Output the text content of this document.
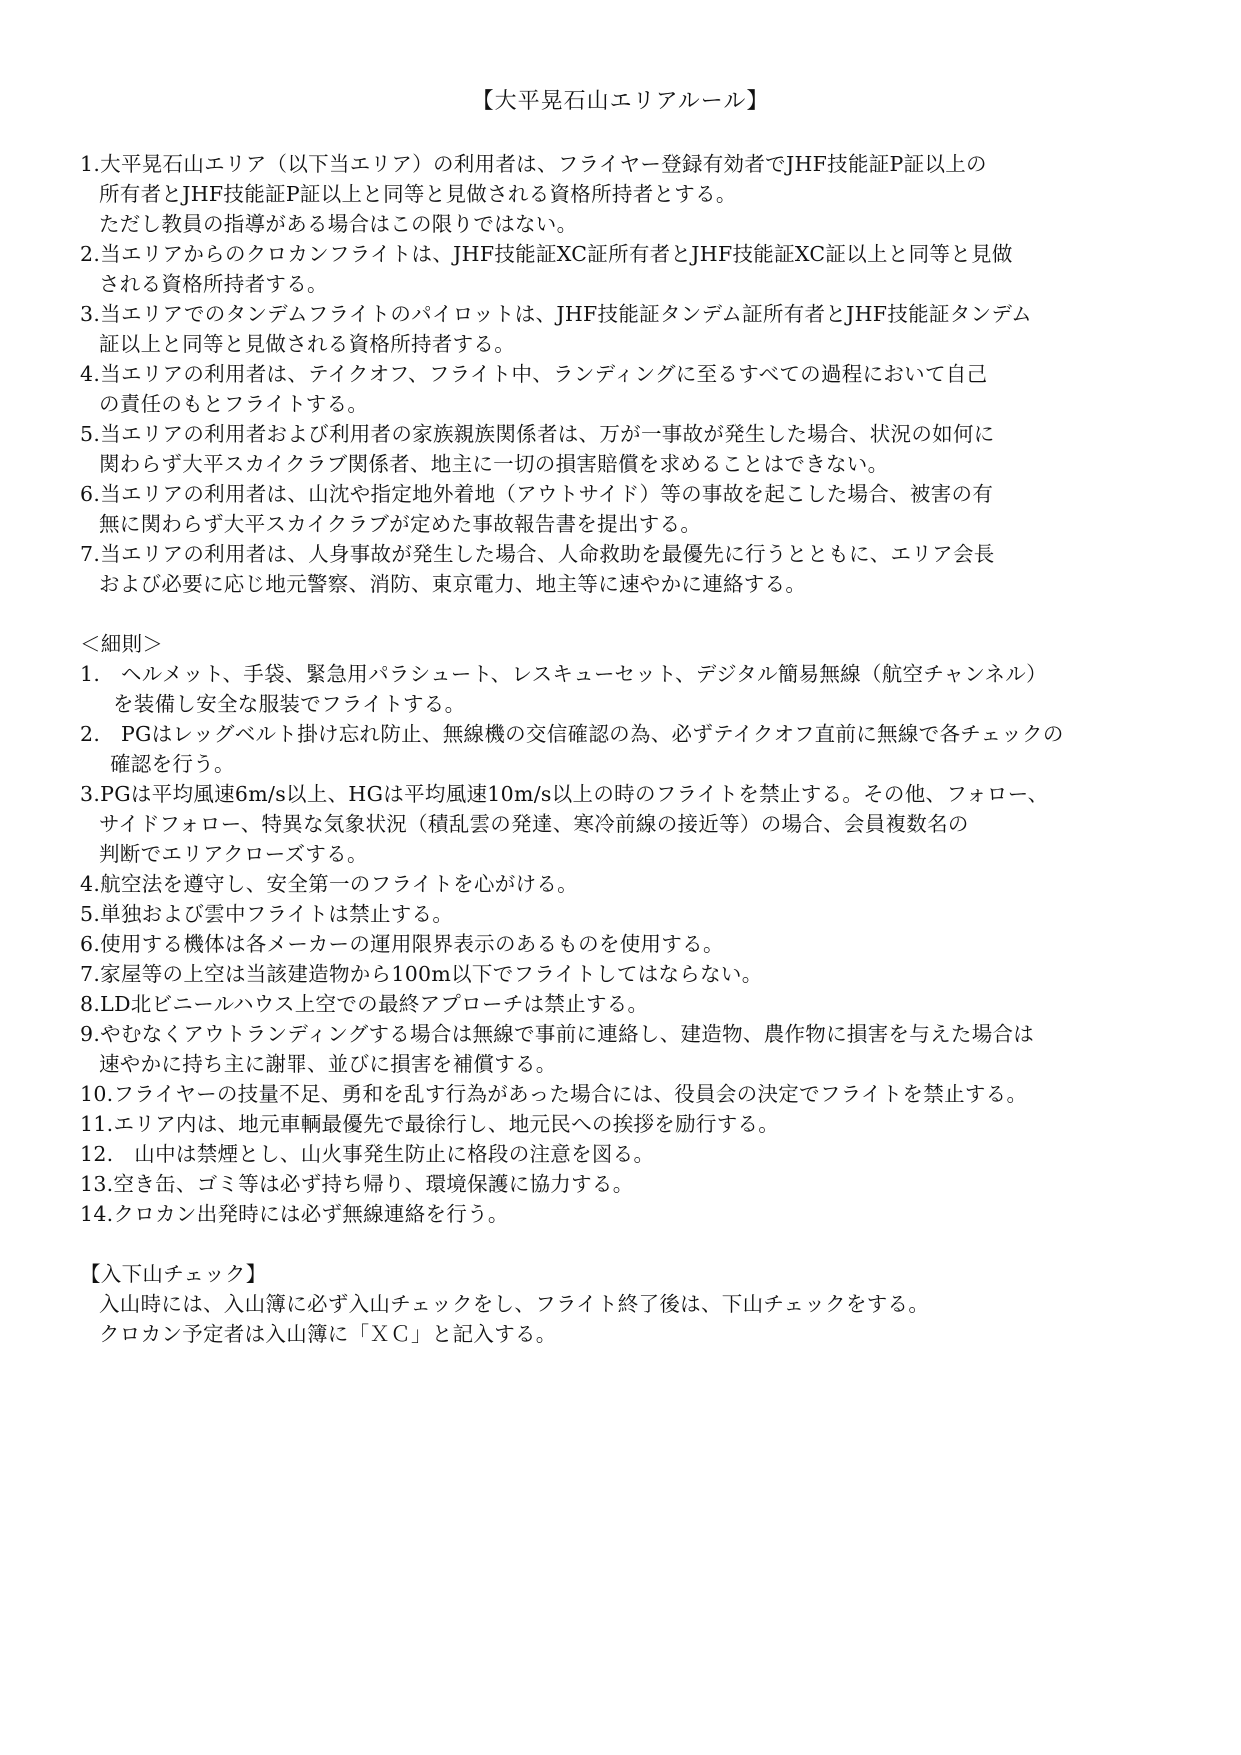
【大平晃石山エリアルール】
1.大平晃石山エリア（以下当エリア）の利用者は、フライヤー登録有効者でJHF技能証P証以上の
所有者とJHF技能証P証以上と同等と見做される資格所持者とする。
ただし教員の指導がある場合はこの限りではない。
2.当エリアからのクロカンフライトは、JHF技能証XC証所有者とJHF技能証XC証以上と同等と見做
される資格所持者する。
3.当エリアでのタンデムフライトのパイロットは、JHF技能証タンデム証所有者とJHF技能証タンデム
証以上と同等と見做される資格所持者する。
4.当エリアの利用者は、テイクオフ、フライト中、ランディングに至るすべての過程において自己
の責任のもとフライトする。
5.当エリアの利用者および利用者の家族親族関係者は、万が一事故が発生した場合、状況の如何に
関わらず大平スカイクラブ関係者、地主に一切の損害賠償を求めることはできない。
6.当エリアの利用者は、山沈や指定地外着地（アウトサイド）等の事故を起こした場合、被害の有
無に関わらず大平スカイクラブが定めた事故報告書を提出する。
7.当エリアの利用者は、人身事故が発生した場合、人命救助を最優先に行うとともに、エリア会長
および必要に応じ地元警察、消防、東京電力、地主等に速やかに連絡する。
＜細則＞
1.　ヘルメット、手袋、緊急用パラシュート、レスキューセット、デジタル簡易無線（航空チャンネル）
を装備し安全な服装でフライトする。
2.　PGはレッグベルト掛け忘れ防止、無線機の交信確認の為、必ずテイクオフ直前に無線で各チェックの
確認を行う。
3.PGは平均風速6m/s以上、HGは平均風速10m/s以上の時のフライトを禁止する。その他、フォロー、
サイドフォロー、特異な気象状況（積乱雲の発達、寒冷前線の接近等）の場合、会員複数名の
判断でエリアクローズする。
4.航空法を遵守し、安全第一のフライトを心がける。
5.単独および雲中フライトは禁止する。
6.使用する機体は各メーカーの運用限界表示のあるものを使用する。
7.家屋等の上空は当該建造物から100m以下でフライトしてはならない。
8.LD北ビニールハウス上空での最終アプローチは禁止する。
9.やむなくアウトランディングする場合は無線で事前に連絡し、建造物、農作物に損害を与えた場合は
速やかに持ち主に謝罪、並びに損害を補償する。
10.フライヤーの技量不足、勇和を乱す行為があった場合には、役員会の決定でフライトを禁止する。
11.エリア内は、地元車輌最優先で最徐行し、地元民への挨拶を励行する。
12.　山中は禁煙とし、山火事発生防止に格段の注意を図る。
13.空き缶、ゴミ等は必ず持ち帰り、環境保護に協力する。
14.クロカン出発時には必ず無線連絡を行う。
【入下山チェック】
入山時には、入山簿に必ず入山チェックをし、フライト終了後は、下山チェックをする。
クロカン予定者は入山簿に「ＸＣ」と記入する。
